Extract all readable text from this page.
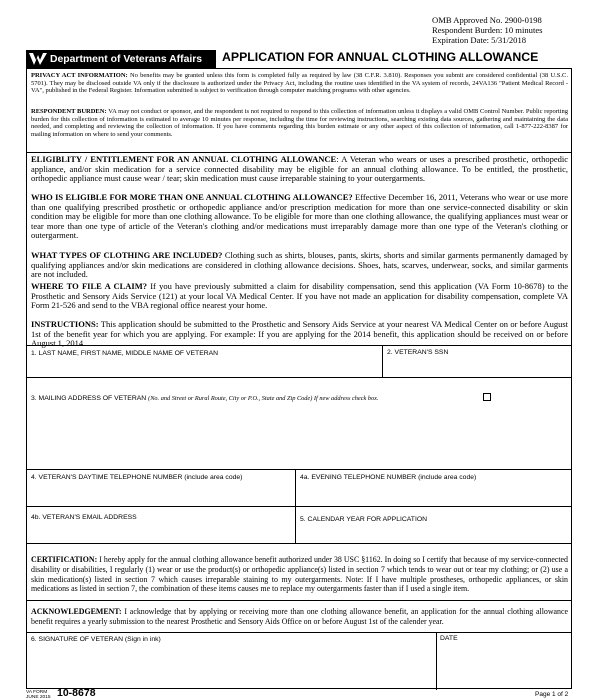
OMB Approved No. 2900-0198
Respondent Burden: 10 minutes
Expiration Date: 5/31/2018
Department of Veterans Affairs APPLICATION FOR ANNUAL CLOTHING ALLOWANCE
PRIVACY ACT INFORMATION: No benefits may be granted unless this form is completed fully as required by law (38 C.F.R. 3.810). Responses you submit are considered confidential (38 U.S.C. 5701). They may be disclosed outside VA only if the disclosure is authorized under the Privacy Act, including the routine uses identified in the VA system of records, 24VA136 "Patient Medical Record - VA", published in the Federal Register. Information submitted is subject to verification through computer matching programs with other agencies.
RESPONDENT BURDEN: VA may not conduct or sponsor, and the respondent is not required to respond to this collection of information unless it displays a valid OMB Control Number. Public reporting burden for this collection of information is estimated to average 10 minutes per response, including the time for reviewing instructions, searching existing data sources, gathering and maintaining the data needed, and completing and reviewing the collection of information. If you have comments regarding this burden estimate or any other aspect of this collection of information, call 1-877-222-8387 for mailing information on where to send your comments.
ELIGIBLITY / ENTITLEMENT FOR AN ANNUAL CLOTHING ALLOWANCE: A Veteran who wears or uses a prescribed prosthetic, orthopedic appliance, and/or skin medication for a service connected disability may be eligible for an annual clothing allowance. To be entitled, the prosthetic, orthopedic appliance must cause wear / tear; skin medication must cause irreparable staining to your outergarments.
WHO IS ELIGIBLE FOR MORE THAN ONE ANNUAL CLOTHING ALLOWANCE? Effective December 16, 2011, Veterans who wear or use more than one qualifying prescribed prosthetic or orthopedic appliance and/or prescription medication for more than one service-connected disability or skin condition may be eligible for more than one clothing allowance. To be eligible for more than one clothing allowance, the qualifying appliances must wear or tear more than one type of article of the Veteran's clothing and/or medications must irreparably damage more than one type of the Veteran's clothing or outergarment.
WHAT TYPES OF CLOTHING ARE INCLUDED? Clothing such as shirts, blouses, pants, skirts, shorts and similar garments permanently damaged by qualifying appliances and/or skin medications are considered in clothing allowance decisions. Shoes, hats, scarves, underwear, socks, and similar garments are not included.
WHERE TO FILE A CLAIM? If you have previously submitted a claim for disability compensation, send this application (VA Form 10-8678) to the Prosthetic and Sensory Aids Service (121) at your local VA Medical Center. If you have not made an application for disability compensation, complete VA Form 21-526 and send to the VBA regional office nearest your home.
INSTRUCTIONS: This application should be submitted to the Prosthetic and Sensory Aids Service at your nearest VA Medical Center on or before August 1st of the benefit year for which you are applying. For example: If you are applying for the 2014 benefit, this application should be received on or before August 1, 2014.
1. LAST NAME, FIRST NAME, MIDDLE NAME OF VETERAN	2. VETERAN'S SSN
3. MAILING ADDRESS OF VETERAN (No. and Street or Rural Route, City or P.O., State and Zip Code) If new address check box.
4. VETERAN'S DAYTIME TELEPHONE NUMBER (include area code)	4a. EVENING TELEPHONE NUMBER (include area code)
4b. VETERAN'S EMAIL ADDRESS	5. CALENDAR YEAR FOR APPLICATION
CERTIFICATION: I hereby apply for the annual clothing allowance benefit authorized under 38 USC §1162. In doing so I certify that because of my service-connected disability or disabilities, I regularly (1) wear or use the product(s) or orthopedic appliance(s) listed in section 7 which tends to wear out or tear my clothing; or (2) use a skin medication(s) listed in section 7 which causes irreparable staining to my outergarments. Note: If I have multiple prostheses, orthopedic appliances, or skin medications as listed in section 7, the combination of these items causes me to replace my outergarments faster than if I used a single item.
ACKNOWLEDGEMENT: I acknowledge that by applying or receiving more than one clothing allowance benefit, an application for the annual clothing allowance benefit requires a yearly submission to the nearest Prosthetic and Sensory Aids Office on or before August 1st of the calender year.
6. SIGNATURE OF VETERAN (Sign in ink)	DATE
VA FORM
JUNE 2015 10-8678	Page 1 of 2
